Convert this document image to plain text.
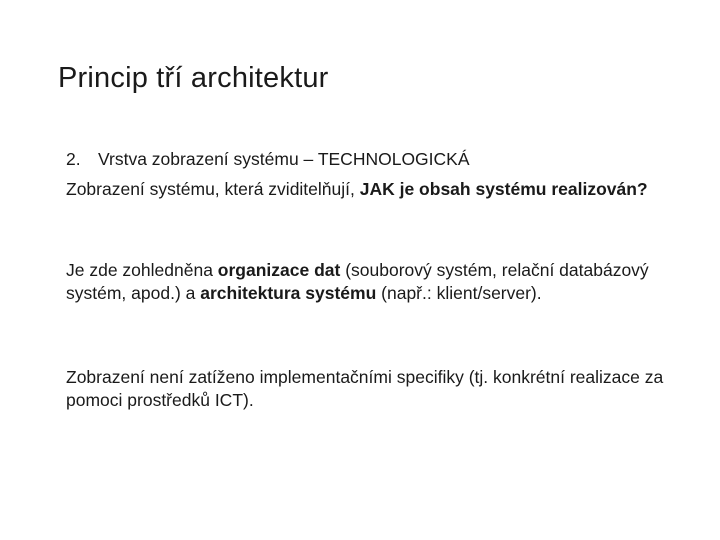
Princip tří architektur
2. Vrstva zobrazení systému – TECHNOLOGICKÁ
Zobrazení systému, která zviditelňují, JAK je obsah systému realizován?
Je zde zohledněna organizace dat (souborový systém, relační databázový systém, apod.) a architektura systému (např.: klient/server).
Zobrazení není zatíženo implementačními specifiky (tj. konkrétní realizace za pomoci prostředků ICT).
